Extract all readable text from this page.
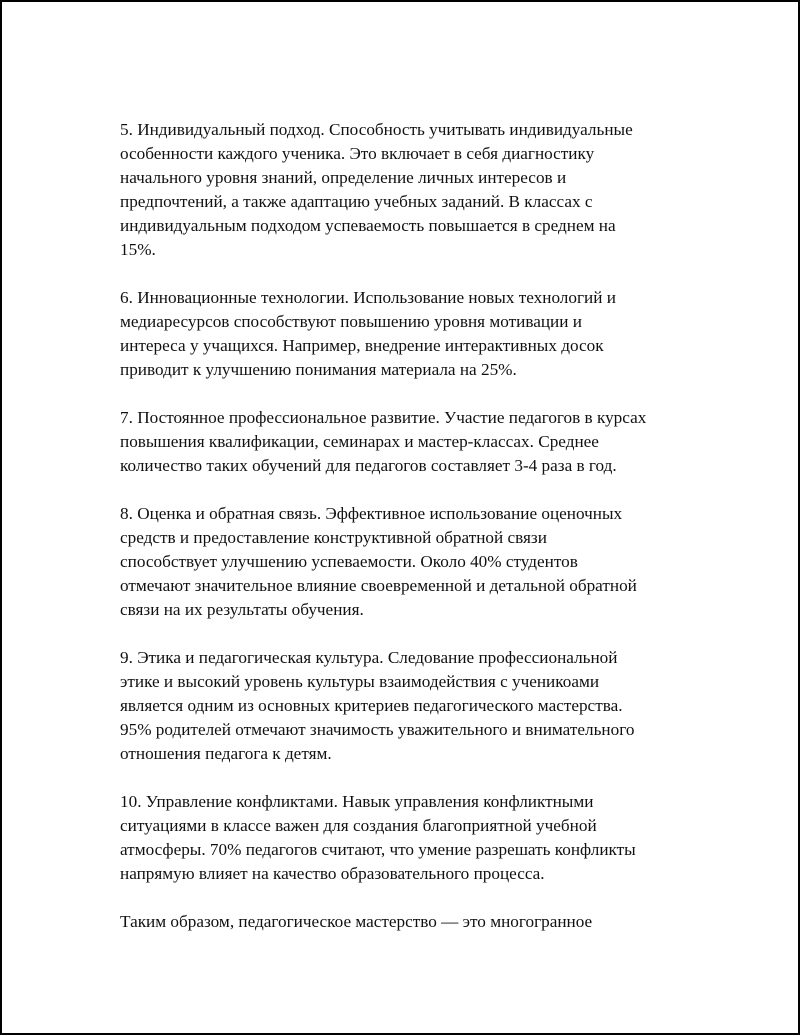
5. Индивидуальный подход. Способность учитывать индивидуальные
особенности каждого ученика. Это включает в себя диагностику
начального уровня знаний, определение личных интересов и
предпочтений, а также адаптацию учебных заданий. В классах с
индивидуальным подходом успеваемость повышается в среднем на
15%.

6. Инновационные технологии. Использование новых технологий и
медиаресурсов способствуют повышению уровня мотивации и
интереса у учащихся. Например, внедрение интерактивных досок
приводит к улучшению понимания материала на 25%.

7. Постоянное профессиональное развитие. Участие педагогов в курсах
повышения квалификации, семинарах и мастер-классах. Среднее
количество таких обучений для педагогов составляет 3-4 раза в год.

8. Оценка и обратная связь. Эффективное использование оценочных
средств и предоставление конструктивной обратной связи
способствует улучшению успеваемости. Около 40% студентов
отмечают значительное влияние своевременной и детальной обратной
связи на их результаты обучения.

9. Этика и педагогическая культура. Следование профессиональной
этике и высокий уровень культуры взаимодействия с ученикоами
является одним из основных критериев педагогического мастерства.
95% родителей отмечают значимость уважительного и внимательного
отношения педагога к детям.

10. Управление конфликтами. Навык управления конфликтными
ситуациями в классе важен для создания благоприятной учебной
атмосферы. 70% педагогов считают, что умение разрешать конфликты
напрямую влияет на качество образовательного процесса.

Таким образом, педагогическое мастерство — это многогранное
